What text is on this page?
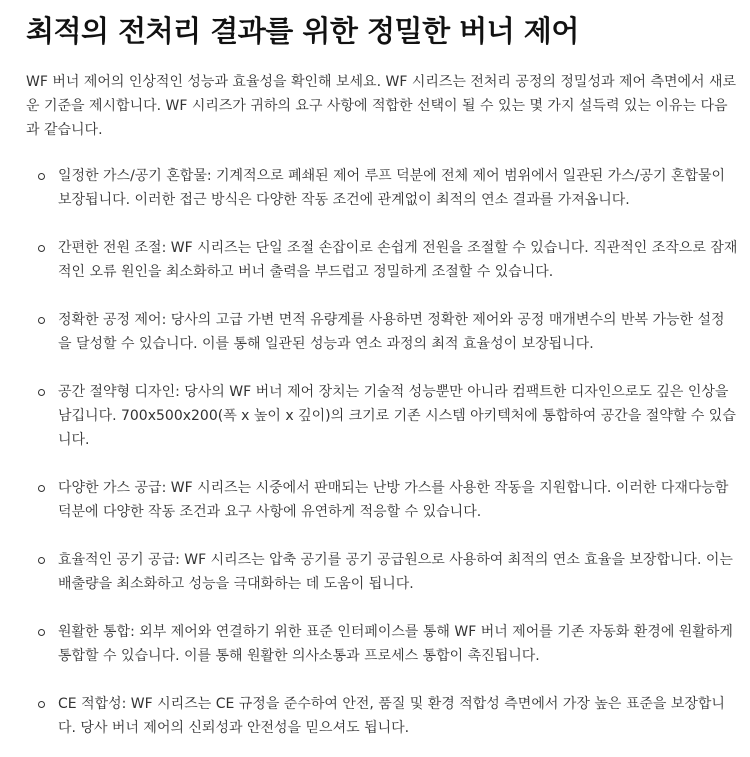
최적의 전처리 결과를 위한 정밀한 버너 제어

WF 버너 제어의 인상적인 성능과 효율성을 확인해 보세요. WF 시리즈는 전처리 공정의 정밀성과 제어 측면에서 새로운 기준을 제시합니다. WF 시리즈가 귀하의 요구 사항에 적합한 선택이 될 수 있는 몇 가지 설득력 있는 이유는 다음과 같습니다.

일정한 가스/공기 혼합물: 기계적으로 폐쇄된 제어 루프 덕분에 전체 제어 범위에서 일관된 가스/공기 혼합물이 보장됩니다. 이러한 접근 방식은 다양한 작동 조건에 관계없이 최적의 연소 결과를 가져옵니다.
간편한 전원 조절: WF 시리즈는 단일 조절 손잡이로 손쉽게 전원을 조절할 수 있습니다. 직관적인 조작으로 잠재적인 오류 원인을 최소화하고 버너 출력을 부드럽고 정밀하게 조절할 수 있습니다.
정확한 공정 제어: 당사의 고급 가변 면적 유량계를 사용하면 정확한 제어와 공정 매개변수의 반복 가능한 설정을 달성할 수 있습니다. 이를 통해 일관된 성능과 연소 과정의 최적 효율성이 보장됩니다.
공간 절약형 디자인: 당사의 WF 버너 제어 장치는 기술적 성능뿐만 아니라 컴팩트한 디자인으로도 깊은 인상을 남깁니다. 700x500x200(폭 x 높이 x 깊이)의 크기로 기존 시스템 아키텍처에 통합하여 공간을 절약할 수 있습니다.
다양한 가스 공급: WF 시리즈는 시중에서 판매되는 난방 가스를 사용한 작동을 지원합니다. 이러한 다재다능함 덕분에 다양한 작동 조건과 요구 사항에 유연하게 적응할 수 있습니다.
효율적인 공기 공급: WF 시리즈는 압축 공기를 공기 공급원으로 사용하여 최적의 연소 효율을 보장합니다. 이는 배출량을 최소화하고 성능을 극대화하는 데 도움이 됩니다.
원활한 통합: 외부 제어와 연결하기 위한 표준 인터페이스를 통해 WF 버너 제어를 기존 자동화 환경에 원활하게 통합할 수 있습니다. 이를 통해 원활한 의사소통과 프로세스 통합이 촉진됩니다.
CE 적합성: WF 시리즈는 CE 규정을 준수하여 안전, 품질 및 환경 적합성 측면에서 가장 높은 표준을 보장합니다. 당사 버너 제어의 신뢰성과 안전성을 믿으셔도 됩니다.
